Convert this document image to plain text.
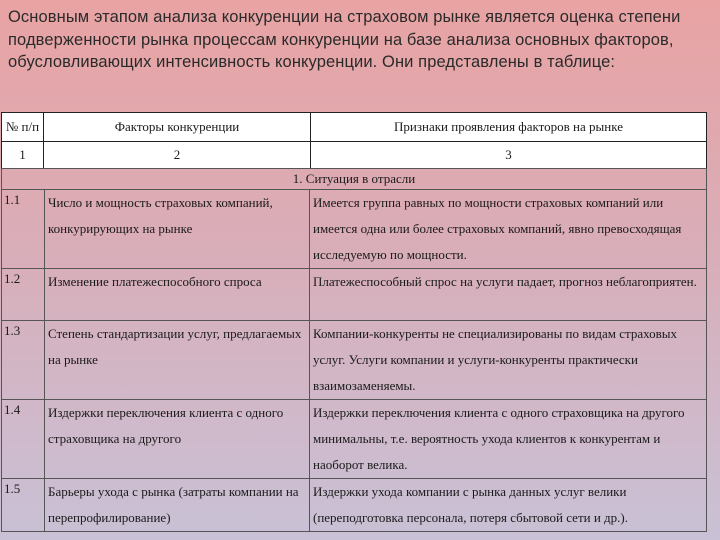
Основным этапом анализа конкуренции на страховом рынке является оценка степени подверженности рынка процессам конкуренции на базе анализа основных факторов, обусловливающих интенсивность конкуренции. Они представлены в таблице:

№ п/п	Факторы конкуренции	Признаки проявления факторов на рынке
1	2	3
1. Ситуация в отрасли		
1.1	Число и мощность страховых компаний, конкурирующих на рынке	Имеется группа равных по мощности страховых компаний или имеется одна или более страховых компаний, явно превосходящая исследуемую по мощности.
1.2	Изменение платежеспособного спроса	Платежеспособный спрос на услуги падает, прогноз неблагоприятен.
1.3	Степень стандартизации услуг, предлагаемых на рынке	Компании-конкуренты не специализированы по видам страховых услуг. Услуги компании и услуги-конкуренты практически взаимозаменяемы.
1.4	Издержки переключения клиента с одного страховщика на другого	Издержки переключения клиента с одного страховщика на другого минимальны, т.е. вероятность ухода клиентов к конкурентам и наоборот велика.
1.5	Барьеры ухода с рынка (затраты компании на перепрофилирование)	Издержки ухода компании с рынка данных услуг велики (переподготовка персонала, потеря сбытовой сети и др.).
